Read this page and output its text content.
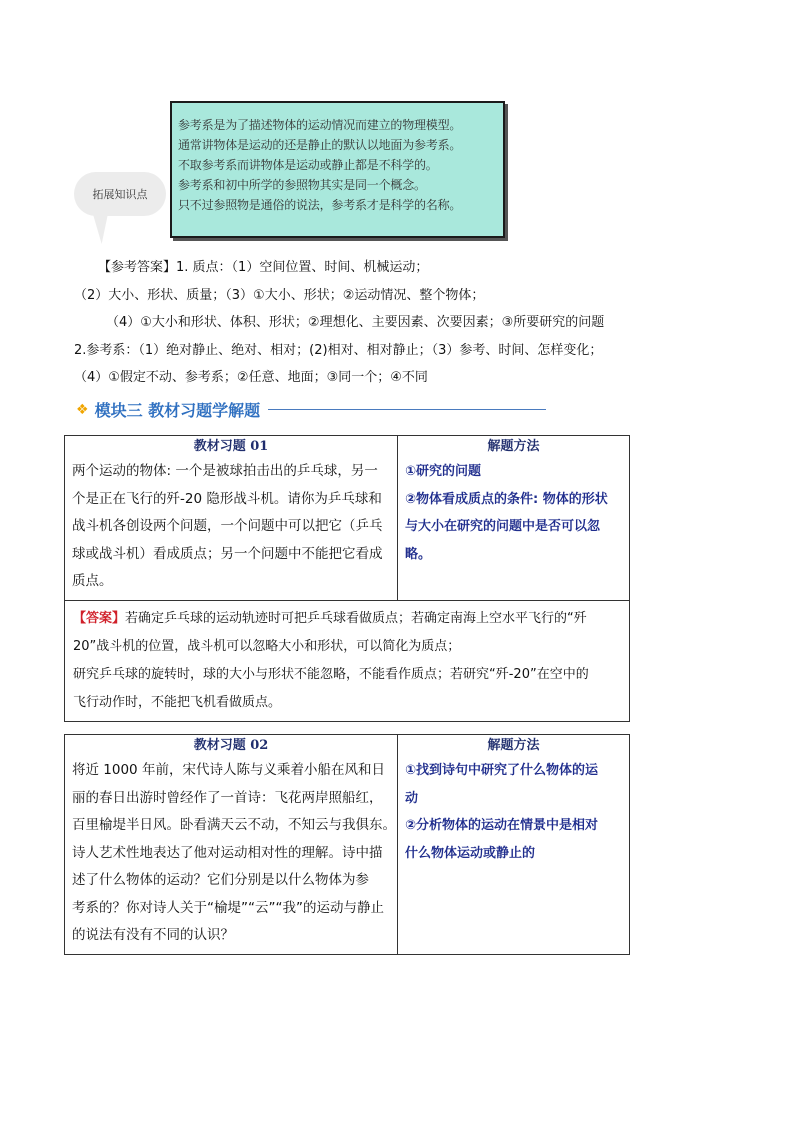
拓展知识点
参考系是为了描述物体的运动情况而建立的物理模型。
通常讲物体是运动的还是静止的默认以地面为参考系。
不取参考系而讲物体是运动或静止都是不科学的。
参考系和初中所学的参照物其实是同一个概念。
只不过参照物是通俗的说法，参考系才是科学的名称。
【参考答案】1. 质点：（1）空间位置、时间、机械运动；
（2）大小、形状、质量；（3）①大小、形状；②运动情况、整个物体；
（4）①大小和形状、体积、形状；②理想化、主要因素、次要因素；③所要研究的问题
2.参考系：（1）绝对静止、绝对、相对；(2)相对、相对静止；（3）参考、时间、怎样变化；
（4）①假定不动、参考系；②任意、地面；③同一个；④不同
❖ 模块三 教材习题学解题
教材习题 01
两个运动的物体: 一个是被球拍击出的乒乓球，另一
个是正在飞行的歼-20 隐形战斗机。请你为乒乓球和
战斗机各创设两个问题，一个问题中可以把它（乒乓
球或战斗机）看成质点；另一个问题中不能把它看成
质点。
解题方法
①研究的问题
②物体看成质点的条件: 物体的形状
与大小在研究的问题中是否可以忽
略。
【答案】若确定乒乓球的运动轨迹时可把乒乓球看做质点；若确定南海上空水平飞行的“歼
20”战斗机的位置，战斗机可以忽略大小和形状，可以简化为质点；
研究乒乓球的旋转时，球的大小与形状不能忽略，不能看作质点；若研究“歼-20”在空中的
飞行动作时，不能把飞机看做质点。
教材习题 02
将近 1000 年前，宋代诗人陈与义乘着小船在风和日
丽的春日出游时曾经作了一首诗：飞花两岸照船红，
百里榆堤半日风。卧看满天云不动，不知云与我俱东。
诗人艺术性地表达了他对运动相对性的理解。诗中描
述了什么物体的运动？它们分别是以什么物体为参
考系的？你对诗人关于“榆堤”“云”“我”的运动与静止
的说法有没有不同的认识？
解题方法
①找到诗句中研究了什么物体的运
动
②分析物体的运动在情景中是相对
什么物体运动或静止的
